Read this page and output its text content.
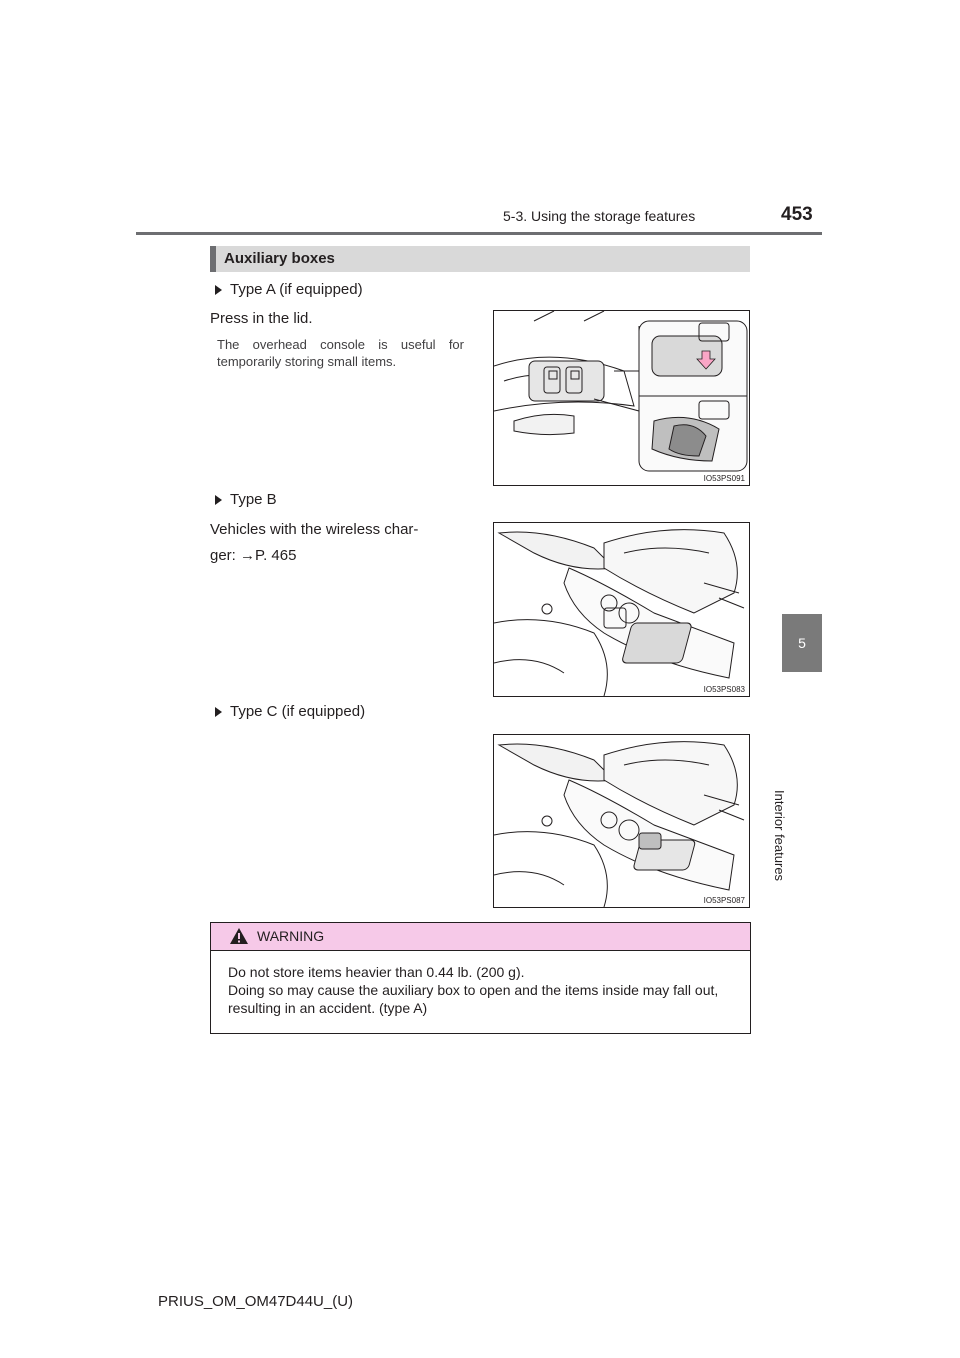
5-3. Using the storage features	453
5
Interior features
Auxiliary boxes
Type A (if equipped)
Press in the lid.
The overhead console is useful for temporarily storing small items.
IO53PS091
Type B
Vehicles with the wireless char-
ger: →P. 465
IO53PS083
Type C (if equipped)
IO53PS087
WARNING
Do not store items heavier than 0.44 lb. (200 g).
Doing so may cause the auxiliary box to open and the items inside may fall out, resulting in an accident. (type A)
PRIUS_OM_OM47D44U_(U)
